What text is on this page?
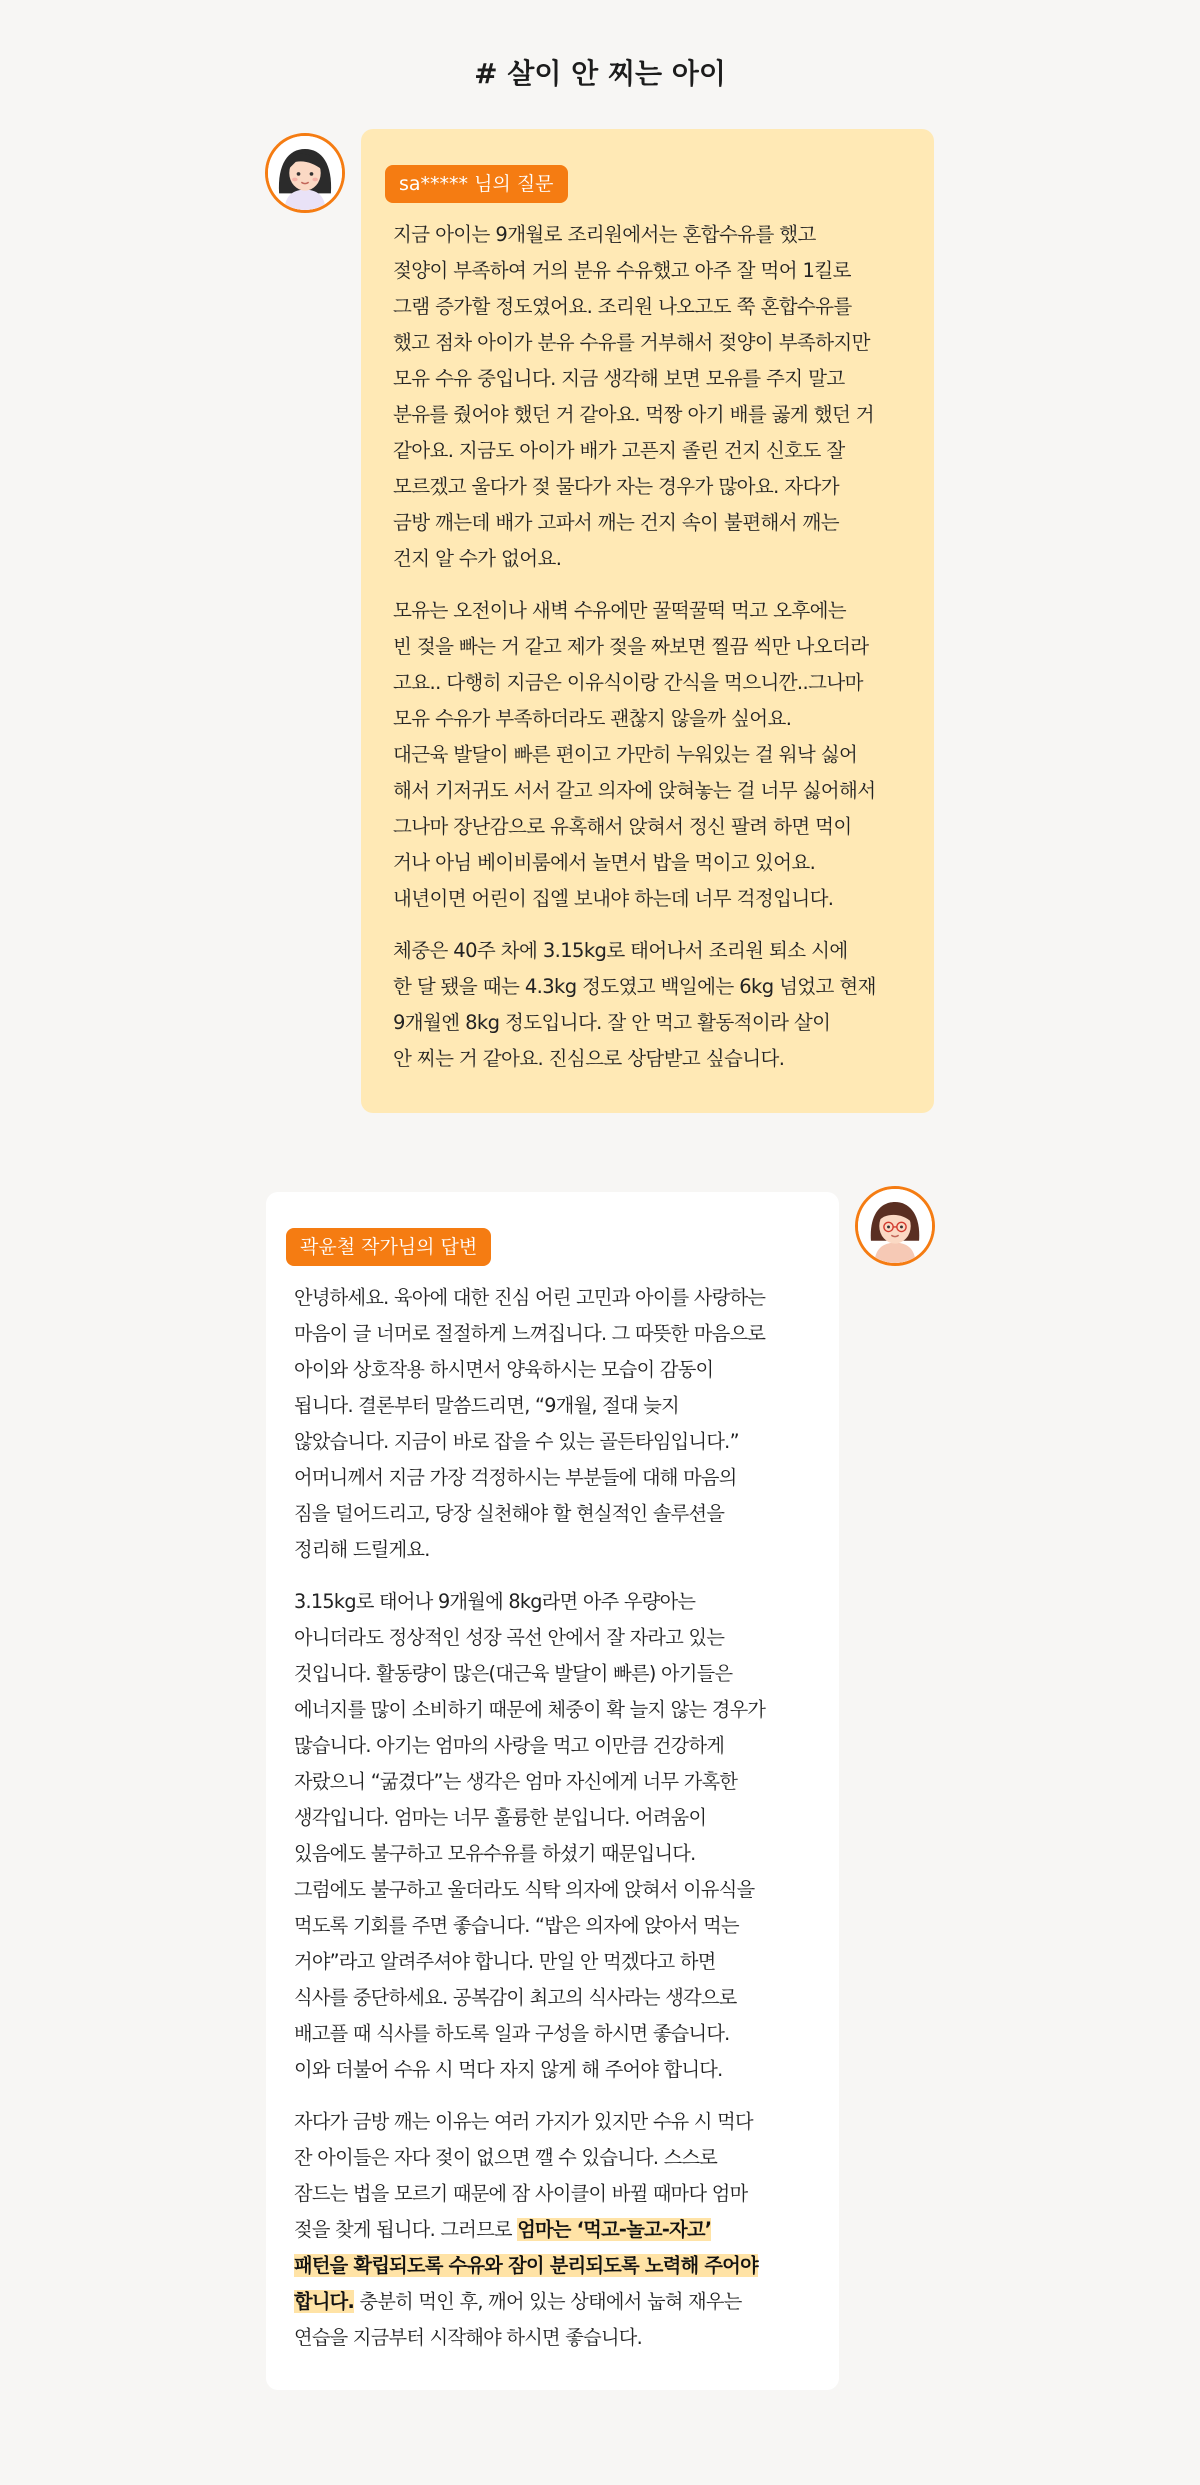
# 살이 안 찌는 아이
sa***** 님의 질문

지금 아이는 9개월로 조리원에서는 혼합수유를 했고
젖양이 부족하여 거의 분유 수유했고 아주 잘 먹어 1킬로
그램 증가할 정도였어요. 조리원 나오고도 쭉 혼합수유를
했고 점차 아이가 분유 수유를 거부해서 젖양이 부족하지만
모유 수유 중입니다. 지금 생각해 보면 모유를 주지 말고
분유를 줬어야 했던 거 같아요. 먹짱 아기 배를 곯게 했던 거
같아요. 지금도 아이가 배가 고픈지 졸린 건지 신호도 잘
모르겠고 울다가 젖 물다가 자는 경우가 많아요. 자다가
금방 깨는데 배가 고파서 깨는 건지 속이 불편해서 깨는
건지 알 수가 없어요.

모유는 오전이나 새벽 수유에만 꿀떡꿀떡 먹고 오후에는
빈 젖을 빠는 거 같고 제가 젖을 짜보면 찔끔 씩만 나오더라
고요.. 다행히 지금은 이유식이랑 간식을 먹으니깐..그나마
모유 수유가 부족하더라도 괜찮지 않을까 싶어요.
대근육 발달이 빠른 편이고 가만히 누워있는 걸 워낙 싫어
해서 기저귀도 서서 갈고 의자에 앉혀놓는 걸 너무 싫어해서
그나마 장난감으로 유혹해서 앉혀서 정신 팔려 하면 먹이
거나 아님 베이비룸에서 놀면서 밥을 먹이고 있어요.
내년이면 어린이 집엘 보내야 하는데 너무 걱정입니다.

체중은 40주 차에 3.15kg로 태어나서 조리원 퇴소 시에
한 달 됐을 때는 4.3kg 정도였고 백일에는 6kg 넘었고 현재
9개월엔 8kg 정도입니다. 잘 안 먹고 활동적이라 살이
안 찌는 거 같아요. 진심으로 상담받고 싶습니다.

곽윤철 작가님의 답변

안녕하세요. 육아에 대한 진심 어린 고민과 아이를 사랑하는
마음이 글 너머로 절절하게 느껴집니다. 그 따뜻한 마음으로
아이와 상호작용 하시면서 양육하시는 모습이 감동이
됩니다. 결론부터 말씀드리면, “9개월, 절대 늦지
않았습니다. 지금이 바로 잡을 수 있는 골든타임입니다.”
어머니께서 지금 가장 걱정하시는 부분들에 대해 마음의
짐을 덜어드리고, 당장 실천해야 할 현실적인 솔루션을
정리해 드릴게요.

3.15kg로 태어나 9개월에 8kg라면 아주 우량아는
아니더라도 정상적인 성장 곡선 안에서 잘 자라고 있는
것입니다. 활동량이 많은(대근육 발달이 빠른) 아기들은
에너지를 많이 소비하기 때문에 체중이 확 늘지 않는 경우가
많습니다. 아기는 엄마의 사랑을 먹고 이만큼 건강하게
자랐으니 “굶겼다”는 생각은 엄마 자신에게 너무 가혹한
생각입니다. 엄마는 너무 훌륭한 분입니다. 어려움이
있음에도 불구하고 모유수유를 하셨기 때문입니다.
그럼에도 불구하고 울더라도 식탁 의자에 앉혀서 이유식을
먹도록 기회를 주면 좋습니다. “밥은 의자에 앉아서 먹는
거야”라고 알려주셔야 합니다. 만일 안 먹겠다고 하면
식사를 중단하세요. 공복감이 최고의 식사라는 생각으로
배고플 때 식사를 하도록 일과 구성을 하시면 좋습니다.
이와 더불어 수유 시 먹다 자지 않게 해 주어야 합니다.

자다가 금방 깨는 이유는 여러 가지가 있지만 수유 시 먹다
잔 아이들은 자다 젖이 없으면 깰 수 있습니다. 스스로
잠드는 법을 모르기 때문에 잠 사이클이 바뀔 때마다 엄마
젖을 찾게 됩니다. 그러므로 엄마는 ‘먹고-놀고-자고’
패턴을 확립되도록 수유와 잠이 분리되도록 노력해 주어야
합니다. 충분히 먹인 후, 깨어 있는 상태에서 눕혀 재우는
연습을 지금부터 시작해야 하시면 좋습니다.
